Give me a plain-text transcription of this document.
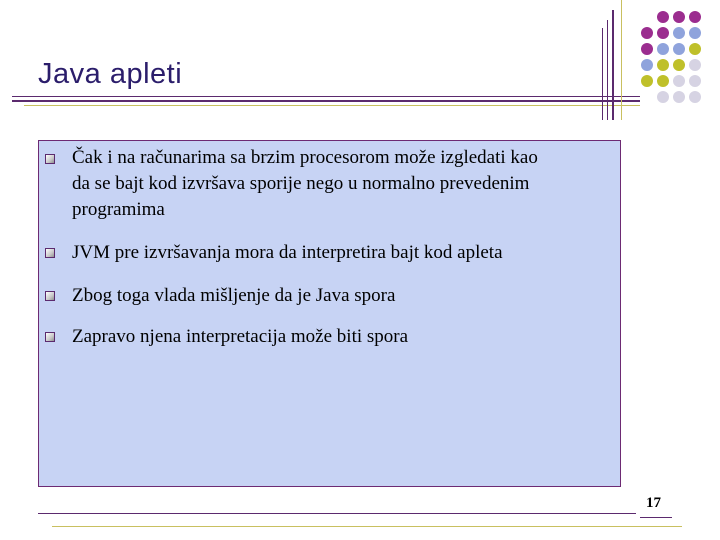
Java apleti
Čak i na računarima sa brzim procesorom može izgledati kao
da se bajt kod izvršava sporije nego u normalno prevedenim
programima
JVM pre izvršavanja mora da interpretira bajt kod apleta
Zbog toga vlada mišljenje da je Java spora
Zapravo njena interpretacija može biti spora
17
